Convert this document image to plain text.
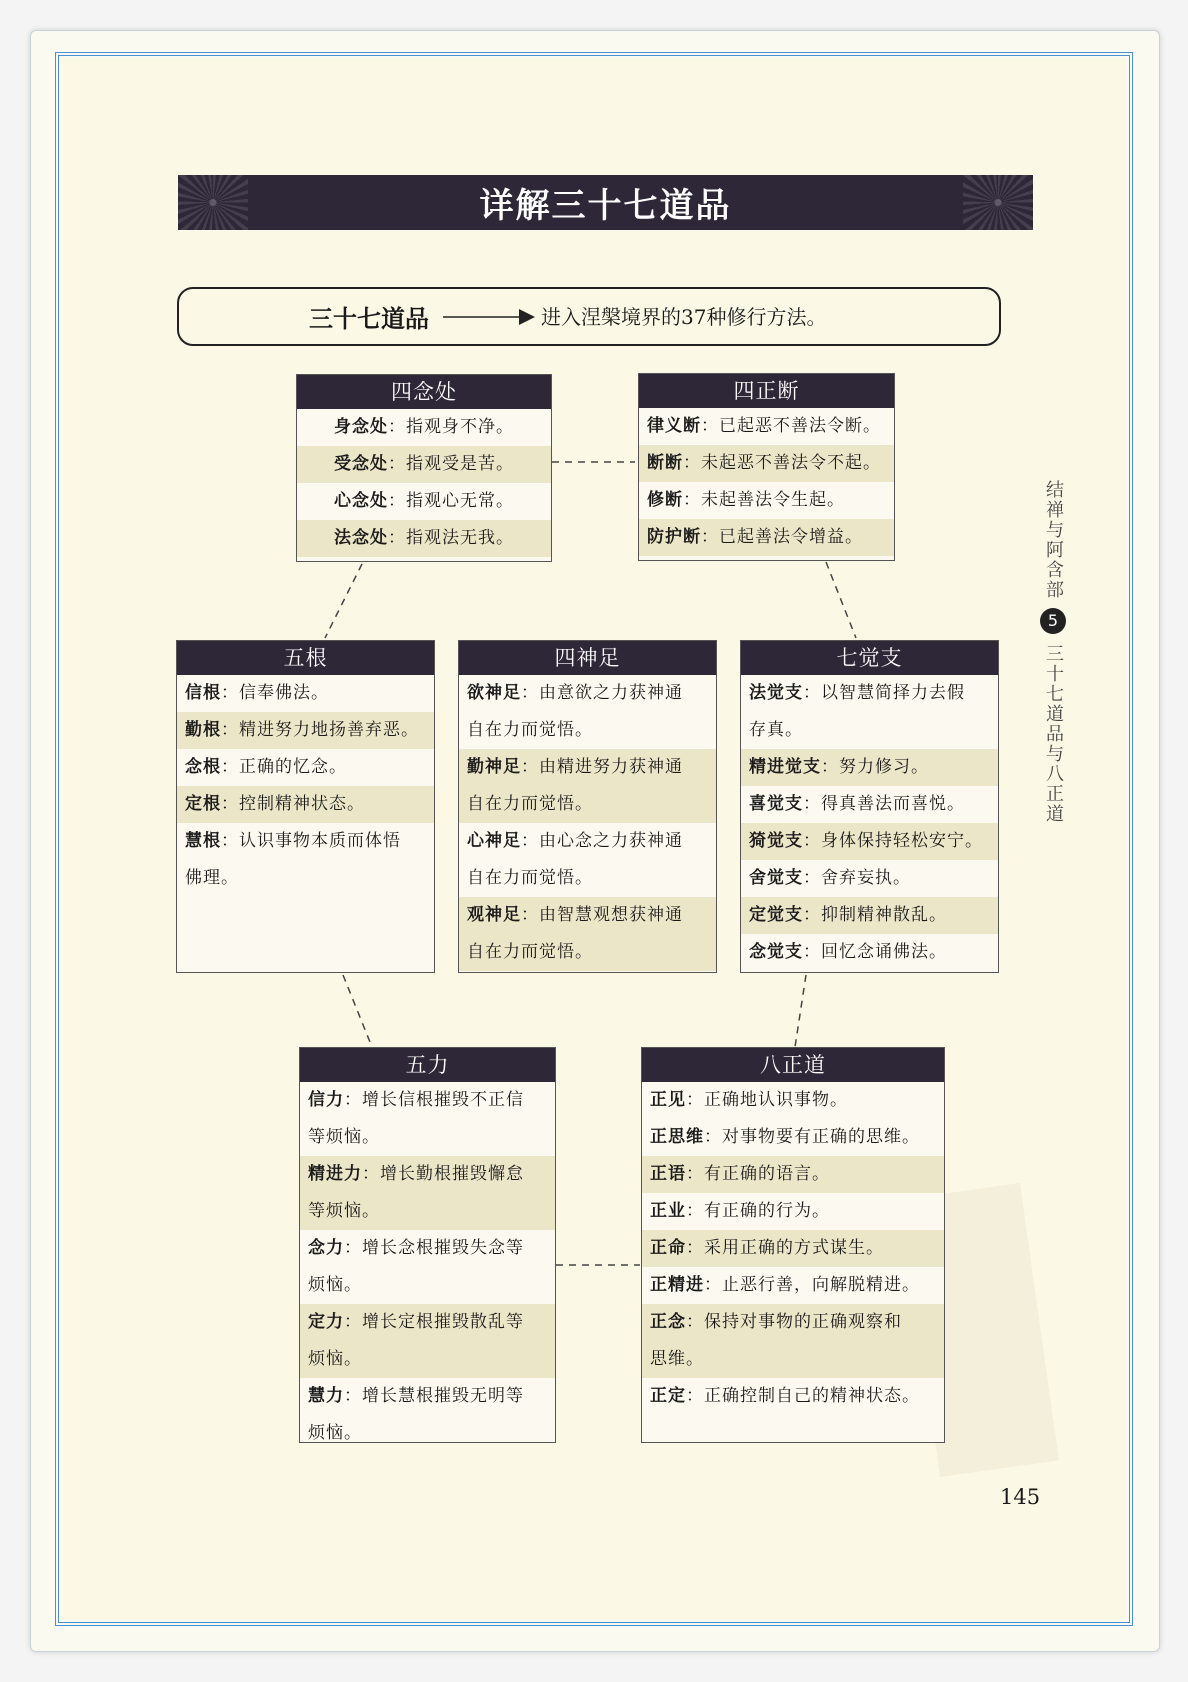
详解三十七道品
三十七道品	进入涅槃境界的37种修行方法。
四念处
身念处：指观身不净。
受念处：指观受是苦。
心念处：指观心无常。
法念处：指观法无我。
四正断
律义断：已起恶不善法令断。
断断：未起恶不善法令不起。
修断：未起善法令生起。
防护断：已起善法令增益。
五根
信根：信奉佛法。
勤根：精进努力地扬善弃恶。
念根：正确的忆念。
定根：控制精神状态。
慧根：认识事物本质而体悟
佛理。
四神足
欲神足：由意欲之力获神通
自在力而觉悟。
勤神足：由精进努力获神通
自在力而觉悟。
心神足：由心念之力获神通
自在力而觉悟。
观神足：由智慧观想获神通
自在力而觉悟。
七觉支
法觉支：以智慧简择力去假
存真。
精进觉支：努力修习。
喜觉支：得真善法而喜悦。
猗觉支：身体保持轻松安宁。
舍觉支：舍弃妄执。
定觉支：抑制精神散乱。
念觉支：回忆念诵佛法。
五力
信力：增长信根摧毁不正信
等烦恼。
精进力：增长勤根摧毁懈怠
等烦恼。
念力：增长念根摧毁失念等
烦恼。
定力：增长定根摧毁散乱等
烦恼。
慧力：增长慧根摧毁无明等
烦恼。
八正道
正见：正确地认识事物。
正思维：对事物要有正确的思维。
正语：有正确的语言。
正业：有正确的行为。
正命：采用正确的方式谋生。
正精进：止恶行善，向解脱精进。
正念：保持对事物的正确观察和
思维。
正定：正确控制自己的精神状态。
结禅与阿含部
5
三十七道品与八正道
145
